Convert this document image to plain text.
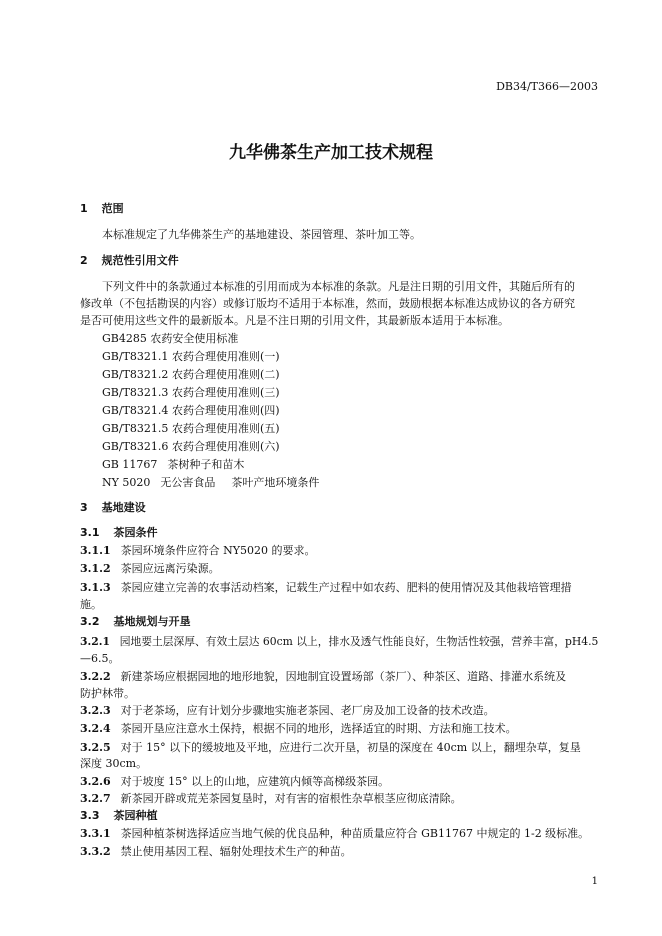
DB34/T366—2003
九华佛茶生产加工技术规程
1 范围
本标准规定了九华佛茶生产的基地建设、茶园管理、茶叶加工等。
2 规范性引用文件
下列文件中的条款通过本标准的引用而成为本标准的条款。凡是注日期的引用文件，其随后所有的
修改单（不包括勘误的内容）或修订版均不适用于本标准，然而，鼓励根据本标准达成协议的各方研究
是否可使用这些文件的最新版本。凡是不注日期的引用文件，其最新版本适用于本标准。
GB4285 农药安全使用标准
GB/T8321.1 农药合理使用准则(一)
GB/T8321.2 农药合理使用准则(二)
GB/T8321.3 农药合理使用准则(三)
GB/T8321.4 农药合理使用准则(四)
GB/T8321.5 农药合理使用准则(五)
GB/T8321.6 农药合理使用准则(六)
GB 11767 茶树种子和苗木
NY 5020 无公害食品 茶叶产地环境条件
3 基地建设
3.1 茶园条件
3.1.1 茶园环境条件应符合 NY5020 的要求。
3.1.2 茶园应远离污染源。
3.1.3 茶园应建立完善的农事活动档案，记载生产过程中如农药、肥料的使用情况及其他栽培管理措
施。
3.2 基地规划与开垦
3.2.1 园地要土层深厚、有效土层达 60cm 以上，排水及透气性能良好，生物活性较强，营养丰富，pH4.5
—6.5。
3.2.2 新建茶场应根据园地的地形地貌，因地制宜设置场部（茶厂）、种茶区、道路、排灌水系统及
防护林带。
3.2.3 对于老茶场，应有计划分步骤地实施老茶园、老厂房及加工设备的技术改造。
3.2.4 茶园开垦应注意水土保持，根据不同的地形，选择适宜的时期、方法和施工技术。
3.2.5 对于 15° 以下的缓坡地及平地，应进行二次开垦，初垦的深度在 40cm 以上，翻埋杂草，复垦
深度 30cm。
3.2.6 对于坡度 15° 以上的山地，应建筑内倾等高梯级茶园。
3.2.7 新茶园开辟或荒芜茶园复垦时，对有害的宿根性杂草根茎应彻底清除。
3.3 茶园种植
3.3.1 茶园种植茶树选择适应当地气候的优良品种，种苗质量应符合 GB11767 中规定的 1-2 级标准。
3.3.2 禁止使用基因工程、辐射处理技术生产的种苗。
1
